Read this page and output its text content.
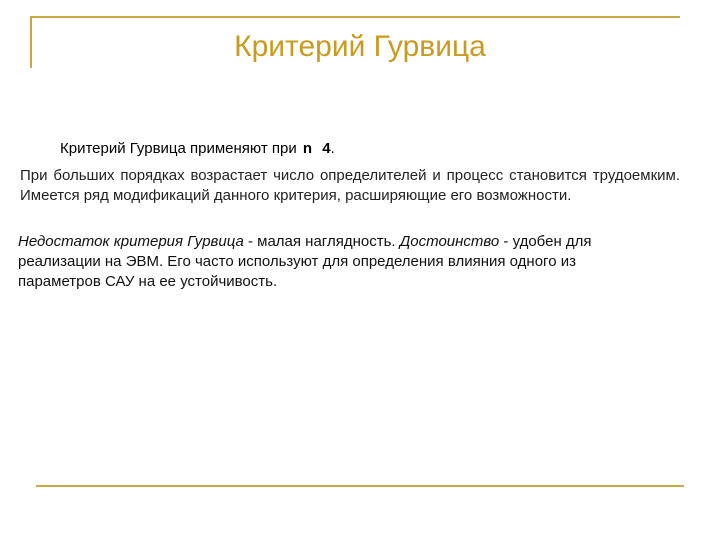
Критерий Гурвица
Критерий Гурвица применяют при n 4.
При больших порядках возрастает число определителей и процесс становится трудоемким. Имеется ряд модификаций данного критерия, расширяющие его возможности.
Недостаток критерия Гурвица - малая наглядность. Достоинство - удобен для реализации на ЭВМ. Его часто используют для определения влияния одного из параметров САУ на ее устойчивость.
